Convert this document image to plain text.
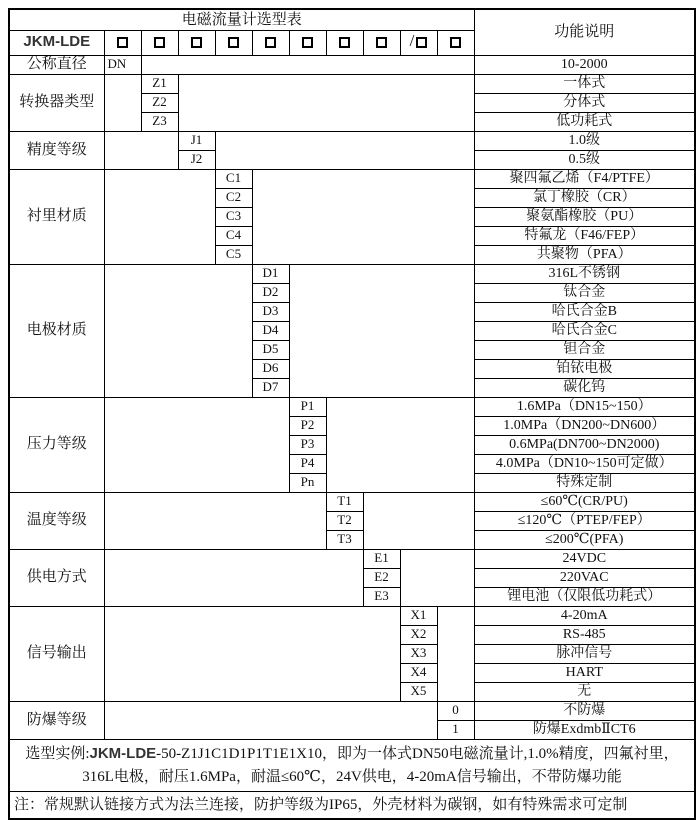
电磁流量计选型表											功能说明
JKM-LDE									/		
公称直径	DN										10-2000
转换器类型		Z1									一体式
		Z2									分体式
		Z3									低功耗式
精度等级			J1								1.0级
			J2								0.5级
衬里材质				C1							聚四氟乙烯（F4/PTFE）
				C2							氯丁橡胶（CR）
				C3							聚氨酯橡胶（PU）
				C4							特氟龙（F46/FEP）
				C5							共聚物（PFA）
电极材质					D1						316L不锈钢
					D2						钛合金
					D3						哈氏合金B
					D4						哈氏合金C
					D5						钽合金
					D6						铂铱电极
					D7						碳化钨
压力等级						P1					1.6MPa（DN15~150）
						P2					1.0MPa（DN200~DN600）
						P3					0.6MPa(DN700~DN2000)
						P4					4.0MPa（DN10~150可定做）
						Pn					特殊定制
温度等级							T1				≤60℃(CR/PU)
							T2				≤120℃（PTEP/FEP）
							T3				≤200℃(PFA)
供电方式								E1			24VDC
								E2			220VAC
								E3			锂电池（仅限低功耗式）
信号输出									X1		4-20mA
									X2		RS-485
									X3		脉冲信号
									X4		HART
									X5		无
防爆等级										0	不防爆
										1	防爆ExdmbⅡCT6
选型实例:JKM-LDE-50-Z1J1C1D1P1T1E1X10，即为一体式DN50电磁流量计,1.0%精度，四氟衬里，
316L电极，耐压1.6MPa，耐温≤60℃，24V供电，4-20mA信号输出，不带防爆功能											
注：常规默认链接方式为法兰连接，防护等级为IP65，外壳材料为碳钢，如有特殊需求可定制											
